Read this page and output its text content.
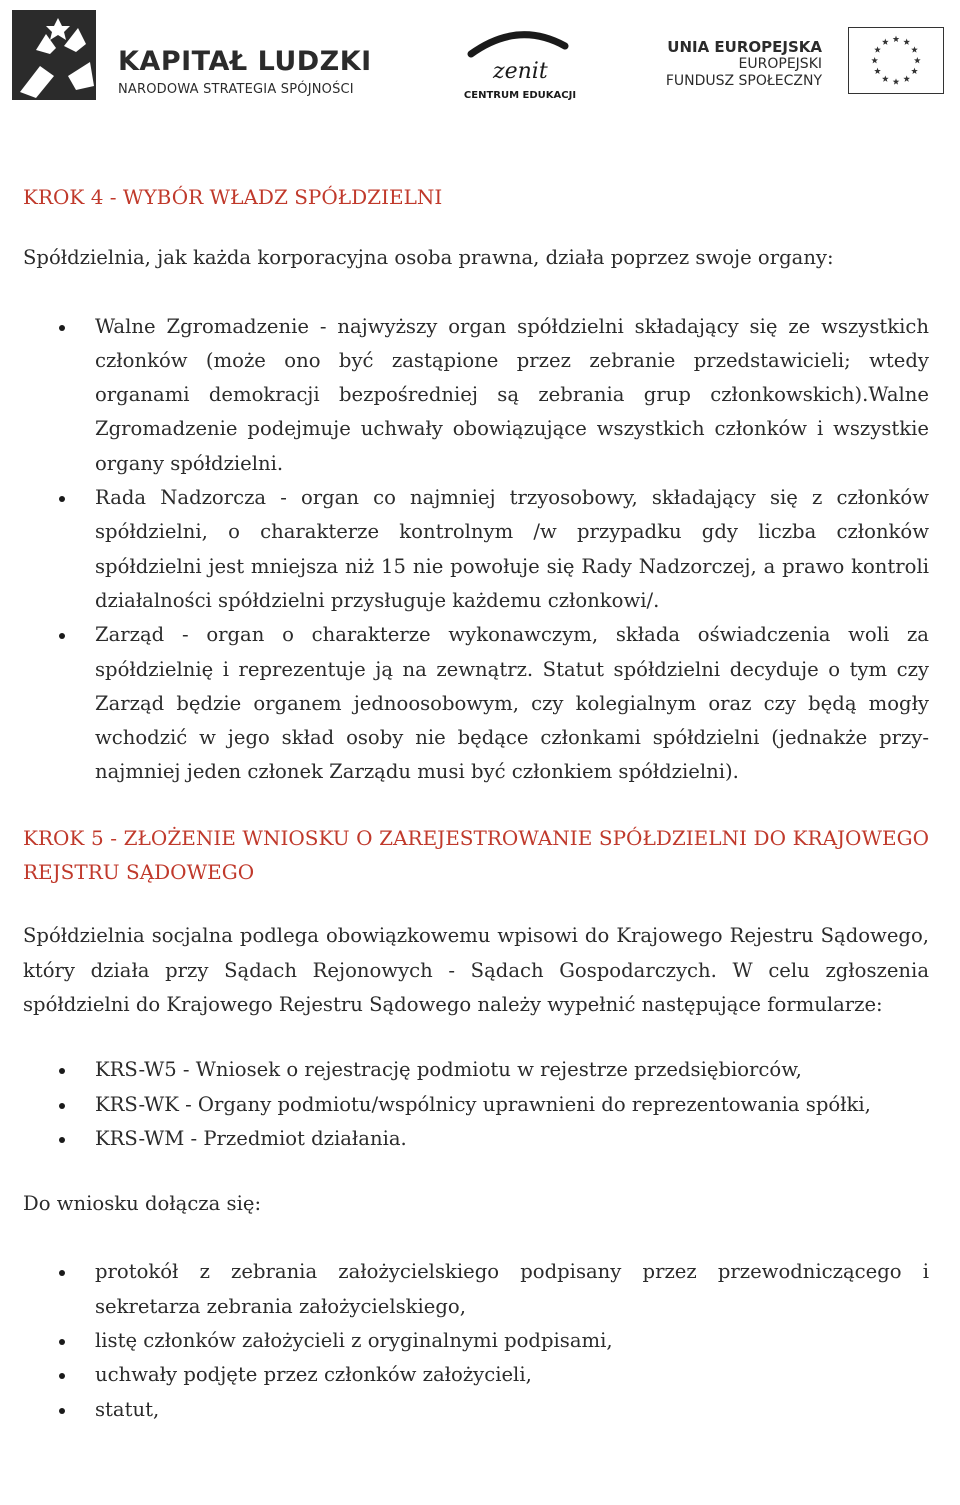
KAPITAŁ LUDZKI
NARODOWA STRATEGIA SPÓJNOŚCI
zenit
CENTRUM EDUKACJI
UNIA EUROPEJSKA
EUROPEJSKI
FUNDUSZ SPOŁECZNY
KROK 4 - WYBÓR WŁADZ SPÓŁDZIELNI

Spółdzielnia, jak każda korporacyjna osoba prawna, działa poprzez swoje organy:

Walne Zgromadzenie - najwyższy organ spółdzielni składający się ze wszystkich członków (może ono być zastąpione przez zebranie przedstawicieli; wtedy organami demokracji bezpośredniej są zebrania grup członkowskich).Walne Zgromadzenie podejmuje uchwały obowiązujące wszystkich członków i wszystkie organy spółdzielni.
Rada Nadzorcza - organ co najmniej trzyosobowy, składający się z członków spółdzielni, o charakterze kontrolnym /w przypadku gdy liczba członków spółdzielni jest mniejsza niż 15 nie powołuje się Rady Nadzorczej, a prawo kontroli działalności spółdzielni przysługuje każdemu członkowi/.
Zarząd - organ o charakterze wykonawczym, składa oświadczenia woli za spółdzielnię i reprezentuje ją na zewnątrz. Statut spółdzielni decyduje o tym czy Zarząd będzie organem jednoosobowym, czy kolegialnym oraz czy będą mogły wchodzić w jego skład osoby nie będące członkami spółdzielni (jednakże przy-najmniej jeden członek Zarządu musi być członkiem spółdzielni).
KROK 5 - ZŁOŻENIE WNIOSKU O ZAREJESTROWANIE SPÓŁDZIELNI DO KRAJOWEGO REJSTRU SĄDOWEGO

Spółdzielnia socjalna podlega obowiązkowemu wpisowi do Krajowego Rejestru Sądowego, który działa przy Sądach Rejonowych - Sądach Gospodarczych. W celu zgłoszenia spółdzielni do Krajowego Rejestru Sądowego należy wypełnić następujące formularze:

KRS-W5 - Wniosek o rejestrację podmiotu w rejestrze przedsiębiorców,
KRS-WK - Organy podmiotu/wspólnicy uprawnieni do reprezentowania spółki,
KRS-WM - Przedmiot działania.

Do wniosku dołącza się:

protokół z zebrania założycielskiego podpisany przez przewodniczącego i sekretarza zebrania założycielskiego,
listę członków założycieli z oryginalnymi podpisami,
uchwały podjęte przez członków założycieli,
statut,
